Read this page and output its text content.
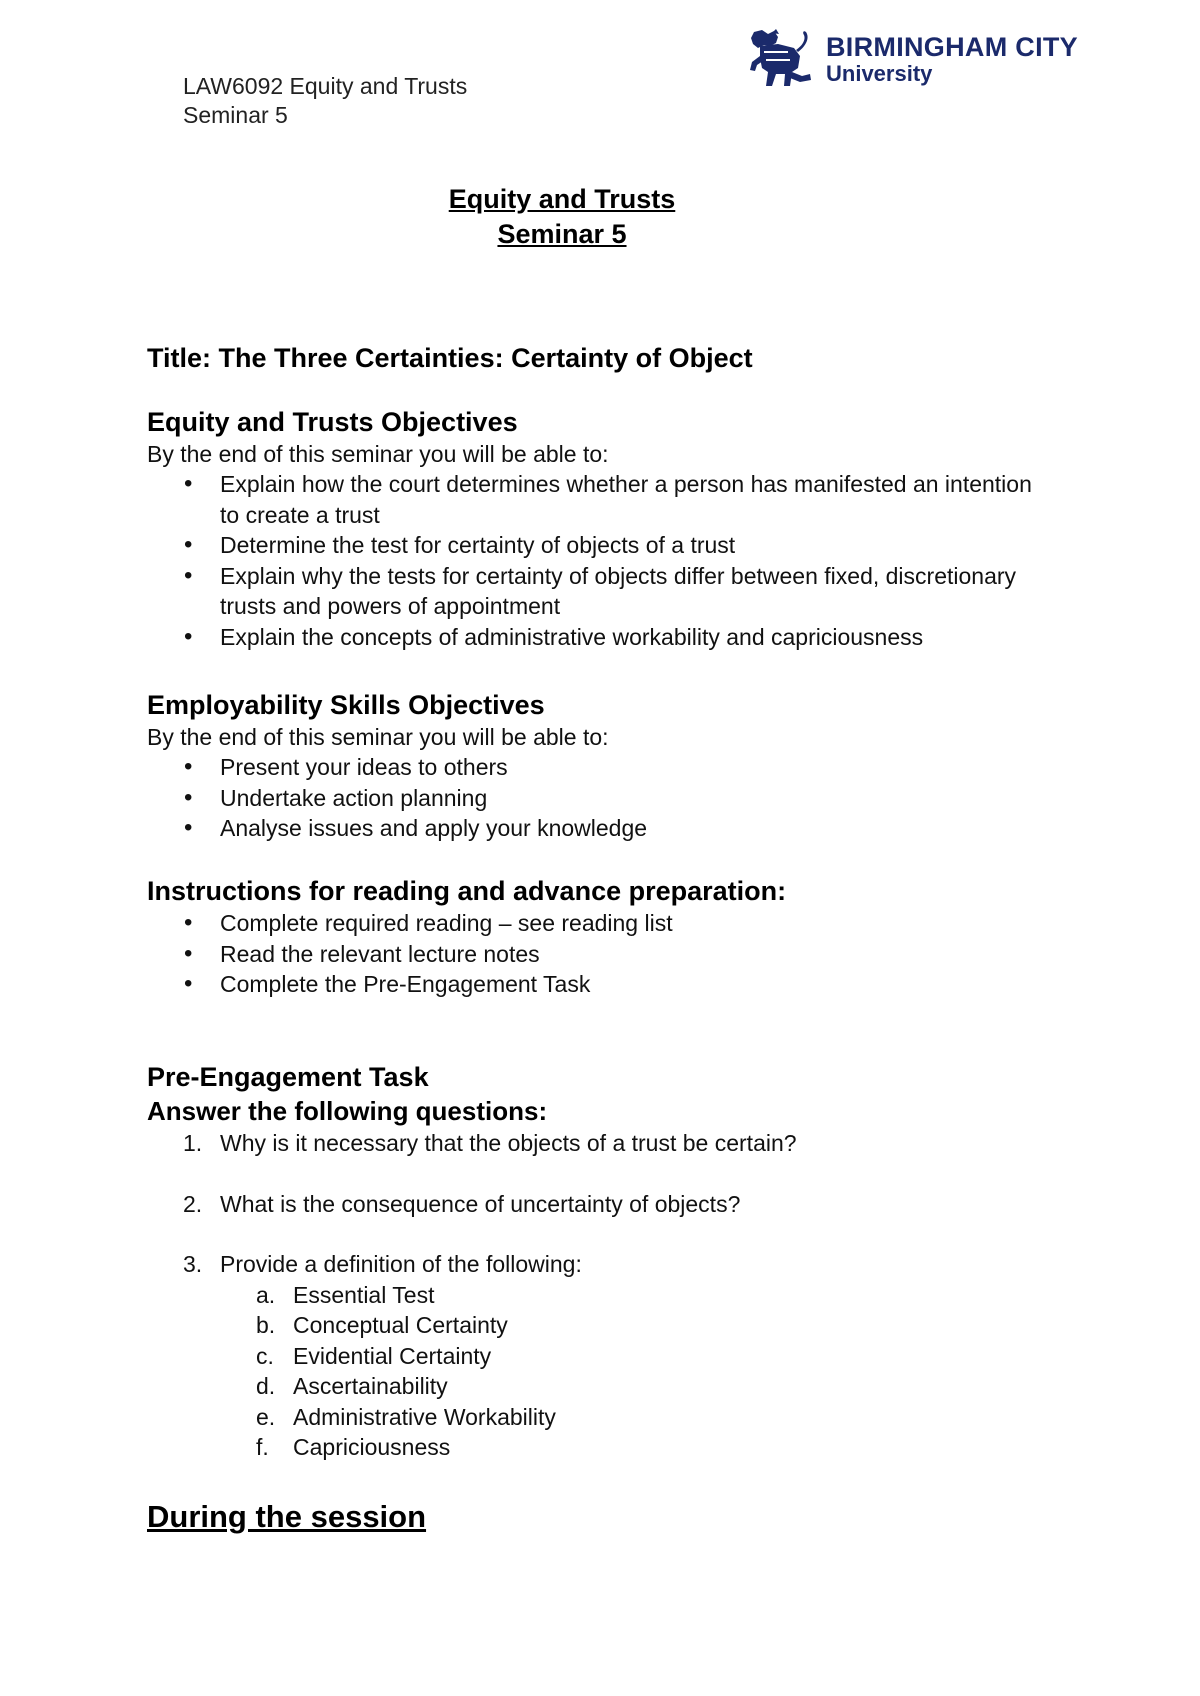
LAW6092 Equity and Trusts
Seminar 5
BIRMINGHAM CITY
University
Equity and Trusts
Seminar 5

Title: The Three Certainties: Certainty of Object

Equity and Trusts Objectives

By the end of this seminar you will be able to:

• Explain how the court determines whether a person has manifested an intention to create a trust
• Determine the test for certainty of objects of a trust
• Explain why the tests for certainty of objects differ between fixed, discretionary trusts and powers of appointment
• Explain the concepts of administrative workability and capriciousness

Employability Skills Objectives

By the end of this seminar you will be able to:

• Present your ideas to others
• Undertake action planning
• Analyse issues and apply your knowledge

Instructions for reading and advance preparation:

• Complete required reading – see reading list
• Read the relevant lecture notes
• Complete the Pre-Engagement Task

Pre-Engagement Task

Answer the following questions:

1. Why is it necessary that the objects of a trust be certain?
2. What is the consequence of uncertainty of objects?
3. Provide a definition of the following:
a. Essential Test
b. Conceptual Certainty
c. Evidential Certainty
d. Ascertainability
e. Administrative Workability
f. Capriciousness

During the session
